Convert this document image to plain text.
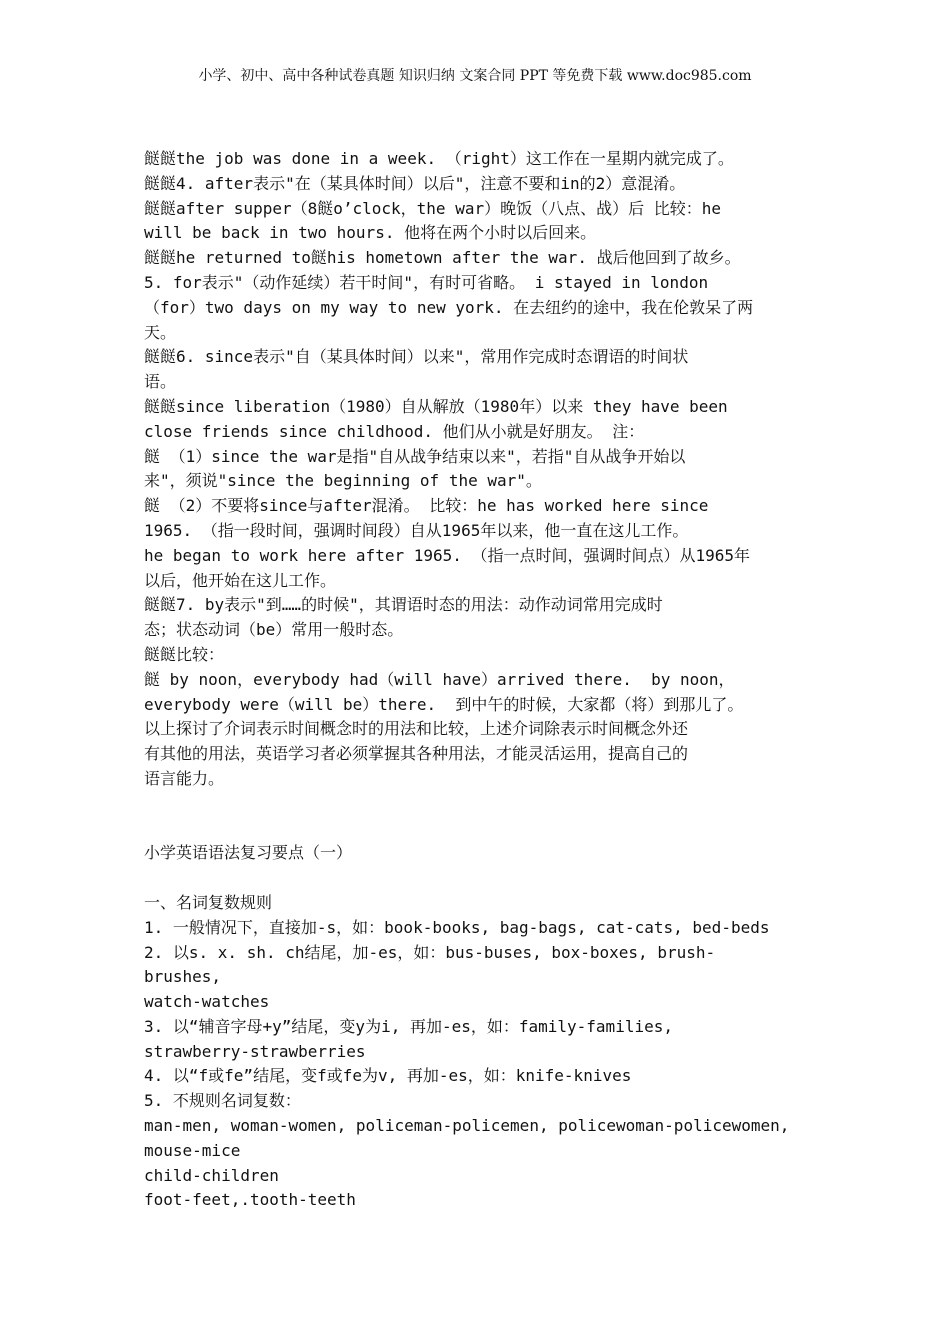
小学、初中、高中各种试卷真题 知识归纳 文案合同 PPT 等免费下载 www.doc985.com
餸餸the job was done in a week. （right）这工作在一星期内就完成了。
餸餸4. after表示"在（某具体时间）以后"，注意不要和in的2）意混淆。
餸餸after supper（8餸o’clock，the war）晚饭（八点、战）后 比较：he
will be back in two hours. 他将在两个小时以后回来。
餸餸he returned to餸his hometown after the war. 战后他回到了故乡。
5. for表示"（动作延续）若干时间"，有时可省略。 i stayed in london
（for）two days on my way to new york. 在去纽约的途中，我在伦敦呆了两
天。
餸餸6. since表示"自（某具体时间）以来"，常用作完成时态谓语的时间状
语。
餸餸since liberation（1980）自从解放（1980年）以来 they have been
close friends since childhood. 他们从小就是好朋友。 注：
餸 （1）since the war是指"自从战争结束以来"，若指"自从战争开始以
来"，须说"since the beginning of the war"。
餸 （2）不要将since与after混淆。 比较：he has worked here since
1965. （指一段时间，强调时间段）自从1965年以来，他一直在这儿工作。
he began to work here after 1965. （指一点时间，强调时间点）从1965年
以后，他开始在这儿工作。
餸餸7. by表示"到……的时候"，其谓语时态的用法：动作动词常用完成时
态；状态动词（be）常用一般时态。
餸餸比较：
餸 by noon，everybody had（will have）arrived there.  by noon，
everybody were（will be）there.  到中午的时候，大家都（将）到那儿了。
以上探讨了介词表示时间概念时的用法和比较，上述介词除表示时间概念外还
有其他的用法，英语学习者必须掌握其各种用法，才能灵活运用，提高自己的
语言能力。
小学英语语法复习要点（一）
一、名词复数规则
1. 一般情况下，直接加-s，如：book-books, bag-bags, cat-cats, bed-beds
2. 以s. x. sh. ch结尾，加-es，如：bus-buses, box-boxes, brush-
brushes,
watch-watches
3. 以“辅音字母+y”结尾，变y为i, 再加-es，如：family-families,
strawberry-strawberries
4. 以“f或fe”结尾，变f或fe为v, 再加-es，如：knife-knives
5. 不规则名词复数：
man-men, woman-women, policeman-policemen, policewoman-policewomen,
mouse-mice
child-children
foot-feet,.tooth-teeth
